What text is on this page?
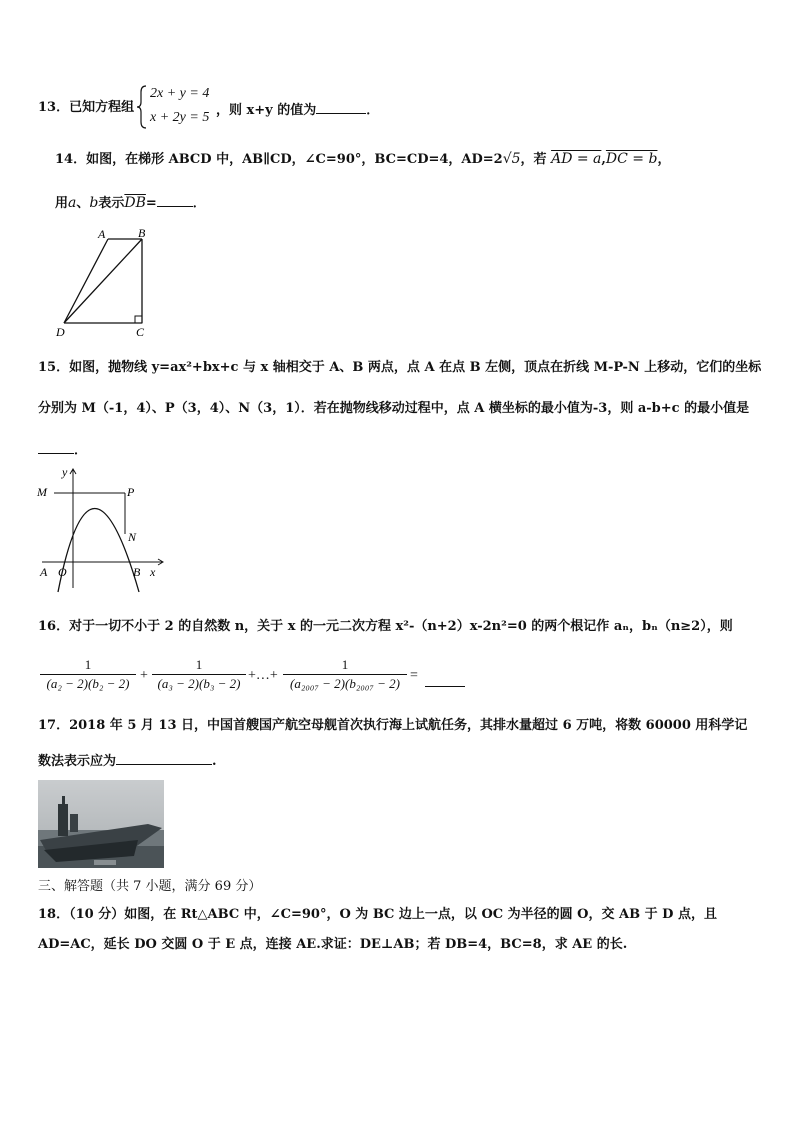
13．已知方程组
2x + y = 4
x + 2y = 5 ，则 x+y 的值为	．
14．如图，在梯形 ABCD 中，AB∥CD，∠C=90°，BC=CD=4，AD=2√5，若 AD = a,DC = b，
用a、b表示$\overline{DB}=$	．
A	B
C
D
15．如图，抛物线 y=ax²+bx+c 与 x 轴相交于 A、B 两点，点 A 在点 B 左侧，顶点在折线 M-P-N 上移动，它们的坐标
分别为 M（-1，4）、P（3，4）、N（3，1）．若在抛物线移动过程中，点 A 横坐标的最小值为-3，则 a-b+c 的最小值是
．
y
x
M	P
N
A O	B
16．对于一切不小于 2 的自然数 n，关于 x 的一元二次方程 x²-（n+2）x-2n²=0 的两个根记作 aₙ，bₙ（n≥2），则
1
(a₂ − 2)(b₂ − 2)
+
1
(a₃ − 2)(b₃ − 2)
+…+
1
(a₂₀₀₇ − 2)(b₂₀₀₇ − 2)
=
17．2018 年 5 月 13 日，中国首艘国产航空母舰首次执行海上试航任务，其排水量超过 6 万吨，将数 60000 用科学记
数法表示应为	.
三、解答题（共 7 小题，满分 69 分）
18．（10 分）如图，在 Rt△ABC 中，∠C=90°，O 为 BC 边上一点，以 OC 为半径的圆 O，交 AB 于 D 点，且
AD=AC，延长 DO 交圆 O 于 E 点，连接 AE.求证：DE⊥AB；若 DB=4，BC=8，求 AE 的长.
